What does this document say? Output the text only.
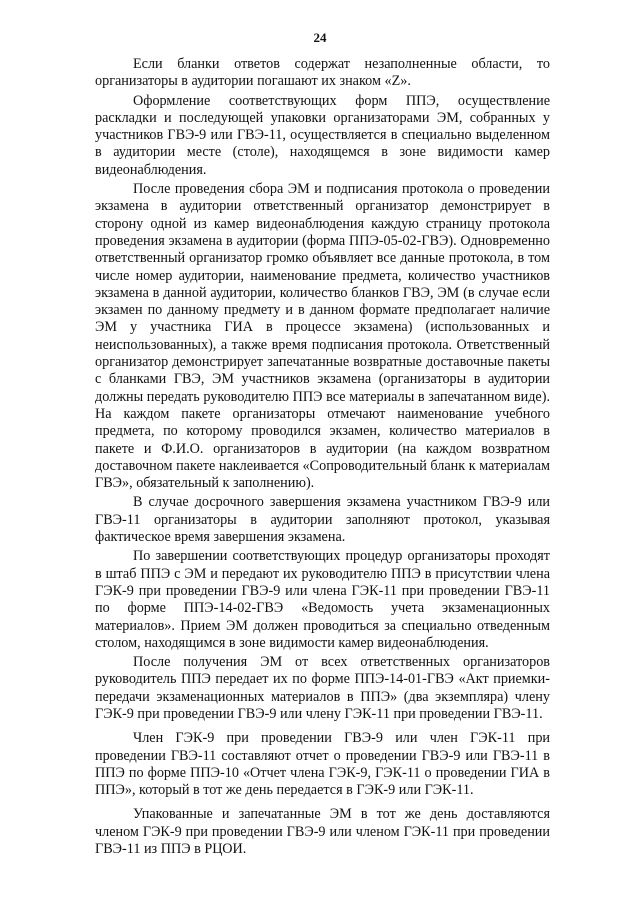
24

Если бланки ответов содержат незаполненные области, то организаторы в аудитории погашают их знаком «Z».

Оформление соответствующих форм ППЭ, осуществление раскладки и последующей упаковки организаторами ЭМ, собранных у участников ГВЭ-9 или ГВЭ-11, осуществляется в специально выделенном в аудитории месте (столе), находящемся в зоне видимости камер видеонаблюдения.

После проведения сбора ЭМ и подписания протокола о проведении экзамена в аудитории ответственный организатор демонстрирует в сторону одной из камер видеонаблюдения каждую страницу протокола проведения экзамена в аудитории (форма ППЭ-05-02-ГВЭ). Одновременно ответственный организатор громко объявляет все данные протокола, в том числе номер аудитории, наименование предмета, количество участников экзамена в данной аудитории, количество бланков ГВЭ, ЭМ (в случае если экзамен по данному предмету и в данном формате предполагает наличие ЭМ у участника ГИА в процессе экзамена) (использованных и неиспользованных), а также время подписания протокола. Ответственный организатор демонстрирует запечатанные возвратные доставочные пакеты с бланками ГВЭ, ЭМ участников экзамена (организаторы в аудитории должны передать руководителю ППЭ все материалы в запечатанном виде). На каждом пакете организаторы отмечают наименование учебного предмета, по которому проводился экзамен, количество материалов в пакете и Ф.И.О. организаторов в аудитории (на каждом возвратном доставочном пакете наклеивается «Сопроводительный бланк к материалам ГВЭ», обязательный к заполнению).

В случае досрочного завершения экзамена участником ГВЭ-9 или ГВЭ-11 организаторы в аудитории заполняют протокол, указывая фактическое время завершения экзамена.

По завершении соответствующих процедур организаторы проходят в штаб ППЭ с ЭМ и передают их руководителю ППЭ в присутствии члена ГЭК-9 при проведении ГВЭ-9 или члена ГЭК-11 при проведении ГВЭ-11 по форме ППЭ-14-02-ГВЭ «Ведомость учета экзаменационных материалов». Прием ЭМ должен проводиться за специально отведенным столом, находящимся в зоне видимости камер видеонаблюдения.

После получения ЭМ от всех ответственных организаторов руководитель ППЭ передает их по форме ППЭ-14-01-ГВЭ «Акт приемки-передачи экзаменационных материалов в ППЭ» (два экземпляра) члену ГЭК-9 при проведении ГВЭ-9 или члену ГЭК-11 при проведении ГВЭ-11.

Член ГЭК-9 при проведении ГВЭ-9 или член ГЭК-11 при проведении ГВЭ-11 составляют отчет о проведении ГВЭ-9 или ГВЭ-11 в ППЭ по форме ППЭ-10 «Отчет члена ГЭК-9, ГЭК-11 о проведении ГИА в ППЭ», который в тот же день передается в ГЭК-9 или ГЭК-11.

Упакованные и запечатанные ЭМ в тот же день доставляются членом ГЭК-9 при проведении ГВЭ-9 или членом ГЭК-11 при проведении ГВЭ-11 из ППЭ в РЦОИ.
